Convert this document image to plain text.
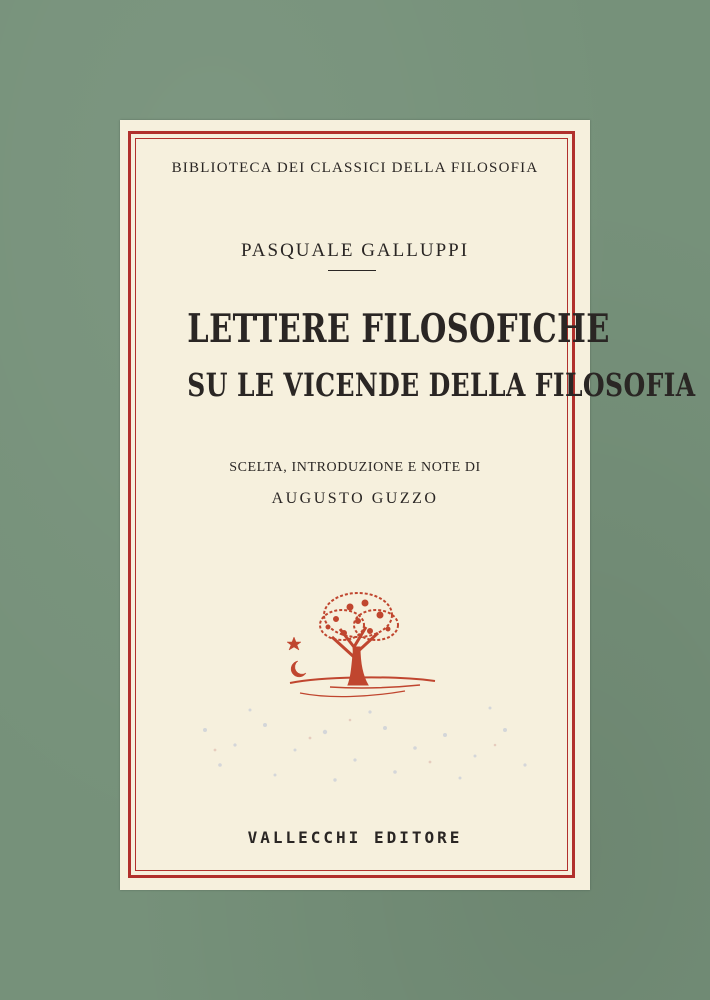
BIBLIOTECA DEI CLASSICI DELLA FILOSOFIA
PASQUALE GALLUPPI
LETTERE FILOSOFICHE
SU LE VICENDE DELLA FILOSOFIA
SCELTA, INTRODUZIONE E NOTE DI
AUGUSTO GUZZO
VALLECCHI EDITORE
